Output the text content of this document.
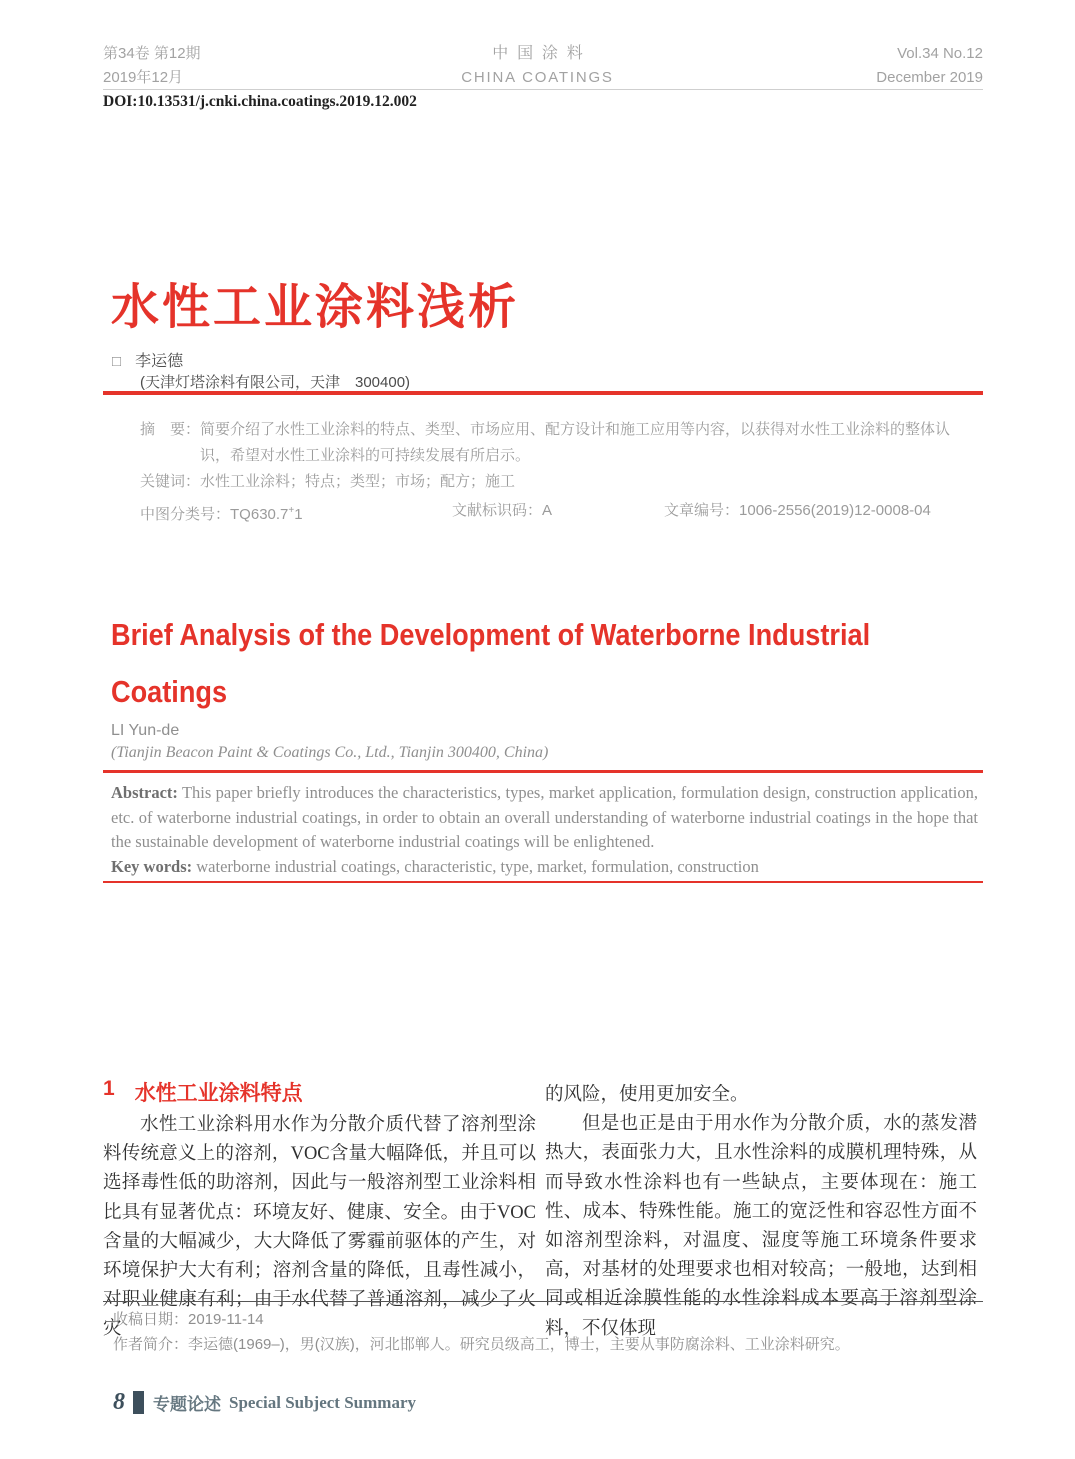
第34卷 第12期
2019年12月
中国涂料
CHINA COATINGS
Vol.34 No.12
December 2019
DOI:10.13531/j.cnki.china.coatings.2019.12.002
水性工业涂料浅析
□ 李运德
(天津灯塔涂料有限公司，天津　300400)
摘　要： 简要介绍了水性工业涂料的特点、类型、市场应用、配方设计和施工应用等内容，以获得对水性工业涂料的整体认识，希望对水性工业涂料的可持续发展有所启示。
关键词：水性工业涂料；特点；类型；市场；配方；施工
中图分类号：TQ630.7+1	文献标识码：A	文章编号：1006-2556(2019)12-0008-04
Brief Analysis of the Development of Waterborne Industrial Coatings
LI Yun-de
(Tianjin Beacon Paint & Coatings Co., Ltd., Tianjin 300400, China)
Abstract: This paper briefly introduces the characteristics, types, market application, formulation design, construction application, etc. of waterborne industrial coatings, in order to obtain an overall understanding of waterborne industrial coatings in the hope that the sustainable development of waterborne industrial coatings will be enlightened.
Key words: waterborne industrial coatings, characteristic, type, market, formulation, construction
1 水性工业涂料特点

水性工业涂料用水作为分散介质代替了溶剂型涂料传统意义上的溶剂，VOC含量大幅降低，并且可以选择毒性低的助溶剂，因此与一般溶剂型工业涂料相比具有显著优点：环境友好、健康、安全。由于VOC含量的大幅减少，大大降低了雾霾前驱体的产生，对环境保护大大有利；溶剂含量的降低，且毒性减小，对职业健康有利；由于水代替了普通溶剂，减少了火灾

的风险，使用更加安全。

但是也正是由于用水作为分散介质，水的蒸发潜热大，表面张力大，且水性涂料的成膜机理特殊，从而导致水性涂料也有一些缺点，主要体现在：施工性、成本、特殊性能。施工的宽泛性和容忍性方面不如溶剂型涂料，对温度、湿度等施工环境条件要求高，对基材的处理要求也相对较高；一般地，达到相同或相近涂膜性能的水性涂料成本要高于溶剂型涂料，不仅体现

收稿日期：2019-11-14
作者简介：李运德(1969–)，男(汉族)，河北邯郸人。研究员级高工，博士，主要从事防腐涂料、工业涂料研究。
8 专题论述 Special Subject Summary
